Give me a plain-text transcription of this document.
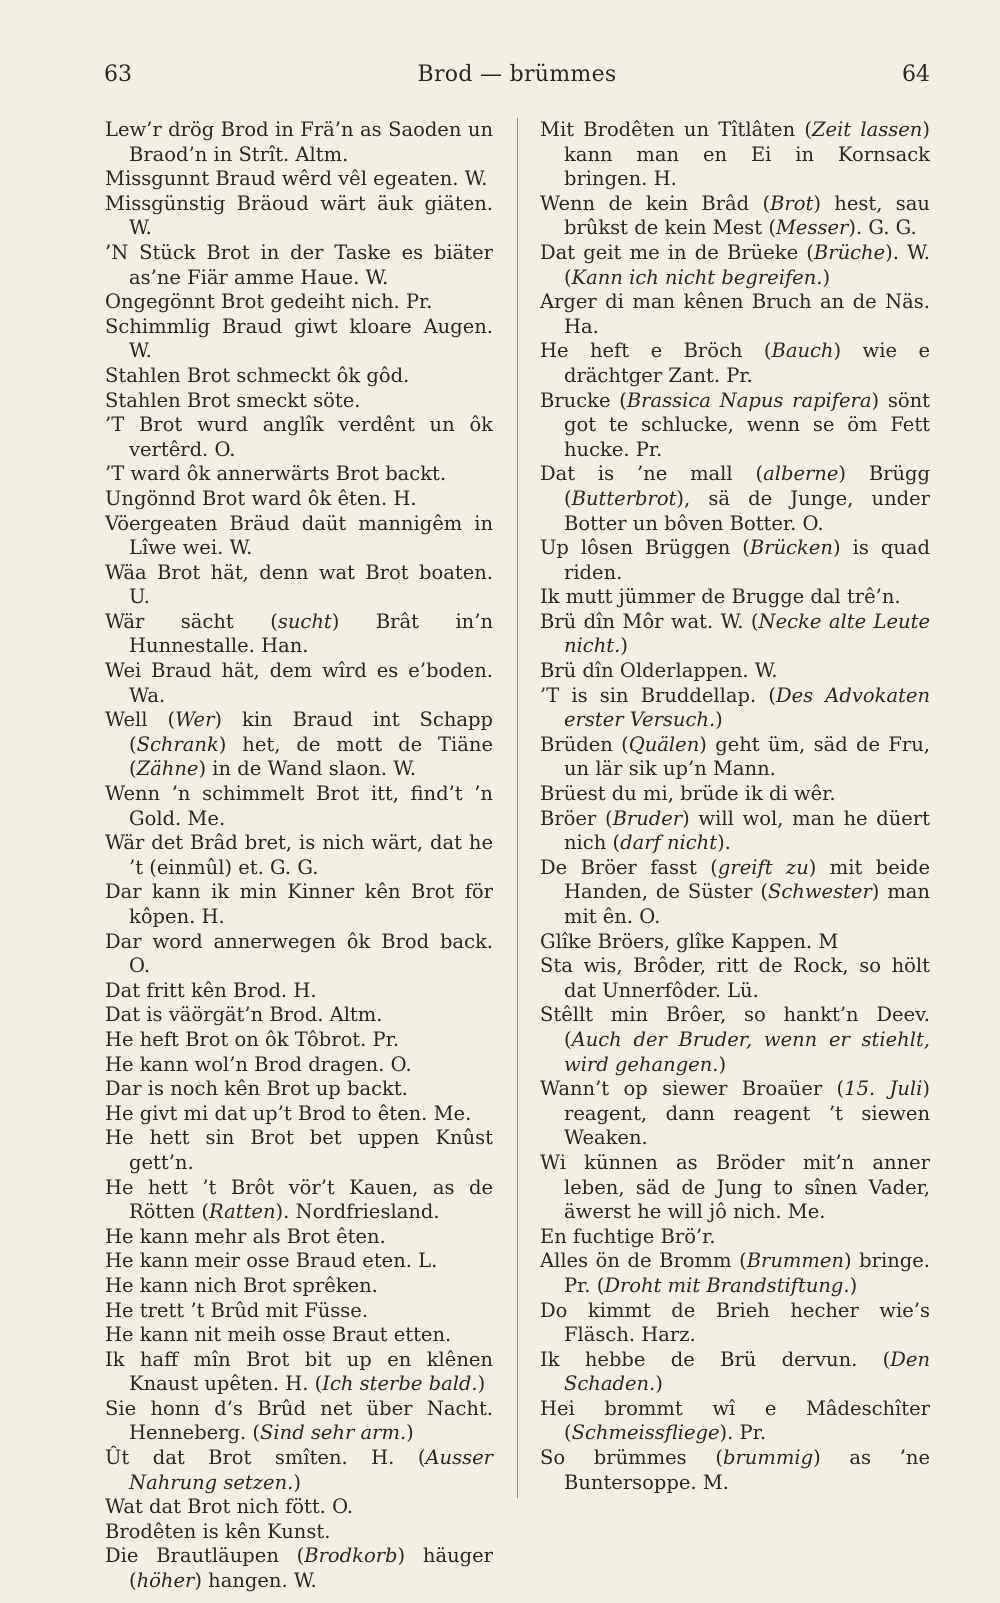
63	Brod — brümmes	64

Lew’r drög Brod in Frä’n as Saoden un Braod’n in Strît. Altm.

Missgunnt Braud wêrd vêl egeaten. W.

Missgünstig Bräoud wärt äuk giäten. W.

’N Stück Brot in der Taske es biäter as’ne Fiär amme Haue. W.

Ongegönnt Brot gedeiht nich. Pr.

Schimmlig Braud giwt kloare Augen. W.

Stahlen Brot schmeckt ôk gôd.

Stahlen Brot smeckt söte.

’T Brot wurd anglîk verdênt un ôk vertêrd. O.

’T ward ôk annerwärts Brot backt.

Ungönnd Brot ward ôk êten. H.

Vöergeaten Bräud daüt mannigêm in Lîwe wei. W.

Wäa Brot hät, denn wat Brot boaten. U.

Wär sächt (sucht) Brât in’n Hunnestalle. Han.

Wei Braud hät, dem wîrd es e’boden. Wa.

Well (Wer) kin Braud int Schapp (Schrank) het, de mott de Tiäne (Zähne) in de Wand slaon. W.

Wenn ’n schimmelt Brot itt, find’t ’n Gold. Me.

Wär det Brâd bret, is nich wärt, dat he ’t (einmûl) et. G. G.

Dar kann ik min Kinner kên Brot för kôpen. H.

Dar word annerwegen ôk Brod back. O.

Dat fritt kên Brod. H.

Dat is väörgät’n Brod. Altm.

He heft Brot on ôk Tôbrot. Pr.

He kann wol’n Brod dragen. O.

Dar is noch kên Brot up backt.

He givt mi dat up’t Brod to êten. Me.

He hett sin Brot bet uppen Knûst gett’n.

He hett ’t Brôt vör’t Kauen, as de Rötten (Ratten). Nordfriesland.

He kann mehr als Brot êten.

He kann meir osse Braud eten. L.

He kann nich Brot sprêken.

He trett ’t Brûd mit Füsse.

He kann nit meih osse Braut etten.

Ik haff mîn Brot bit up en klênen Knaust upêten. H. (Ich sterbe bald.)

Sie honn d’s Brûd net über Nacht. Henneberg. (Sind sehr arm.)

Ût dat Brot smîten. H. (Ausser Nahrung setzen.)

Wat dat Brot nich fött. O.

Brodêten is kên Kunst.

Die Brautläupen (Brodkorb) häuger (höher) hangen. W.

Mit Brodêten un Tîtlâten (Zeit lassen) kann man en Ei in Kornsack bringen. H.

Wenn de kein Brâd (Brot) hest, sau brûkst de kein Mest (Messer). G. G.

Dat geit me in de Brüeke (Brüche). W. (Kann ich nicht begreifen.)

Arger di man kênen Bruch an de Näs. Ha.

He heft e Bröch (Bauch) wie e drächtger Zant. Pr.

Brucke (Brassica Napus rapifera) sönt got te schlucke, wenn se öm Fett hucke. Pr.

Dat is ’ne mall (alberne) Brügg (Butterbrot), sä de Junge, under Botter un bôven Botter. O.

Up lôsen Brüggen (Brücken) is quad riden.

Ik mutt jümmer de Brugge dal trê’n.

Brü dîn Môr wat. W. (Necke alte Leute nicht.)

Brü dîn Olderlappen. W.

’T is sin Bruddellap. (Des Advokaten erster Versuch.)

Brüden (Quälen) geht üm, säd de Fru, un lär sik up’n Mann.

Brüest du mi, brüde ik di wêr.

Bröer (Bruder) will wol, man he düert nich (darf nicht).

De Bröer fasst (greift zu) mit beide Handen, de Süster (Schwester) man mit ên. O.

Glîke Bröers, glîke Kappen. M

Sta wis, Brôder, ritt de Rock, so hölt dat Unnerfôder. Lü.

Stêllt min Brôer, so hankt’n Deev. (Auch der Bruder, wenn er stiehlt, wird gehangen.)

Wann’t op siewer Broaüer (15. Juli) reagent, dann reagent ’t siewen Weaken.

Wi künnen as Bröder mit’n anner leben, säd de Jung to sînen Vader, äwerst he will jô nich. Me.

En fuchtige Brö’r.

Alles ön de Bromm (Brummen) bringe. Pr. (Droht mit Brandstiftung.)

Do kimmt de Brieh hecher wie’s Fläsch. Harz.

Ik hebbe de Brü dervun. (Den Schaden.)

Hei brommt wî e Mâdeschîter (Schmeissfliege). Pr.

So brümmes (brummig) as ’ne Buntersoppe. M.
